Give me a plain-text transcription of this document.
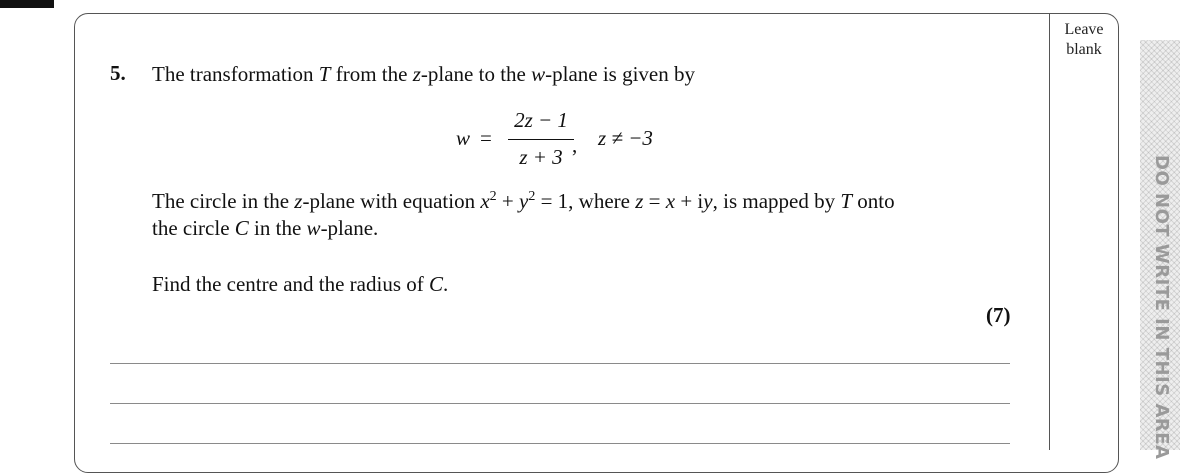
Leave
blank
5. The transformation T from the z-plane to the w-plane is given by
w =
2z − 1
z + 3 , z ≠ −3
The circle in the z-plane with equation $x^2 + y^2 = 1$, where z = x + iy, is mapped by T onto
the circle C in the w-plane.
Find the centre and the radius of C.
(7)	DO NOT WRITE IN THIS AREA
